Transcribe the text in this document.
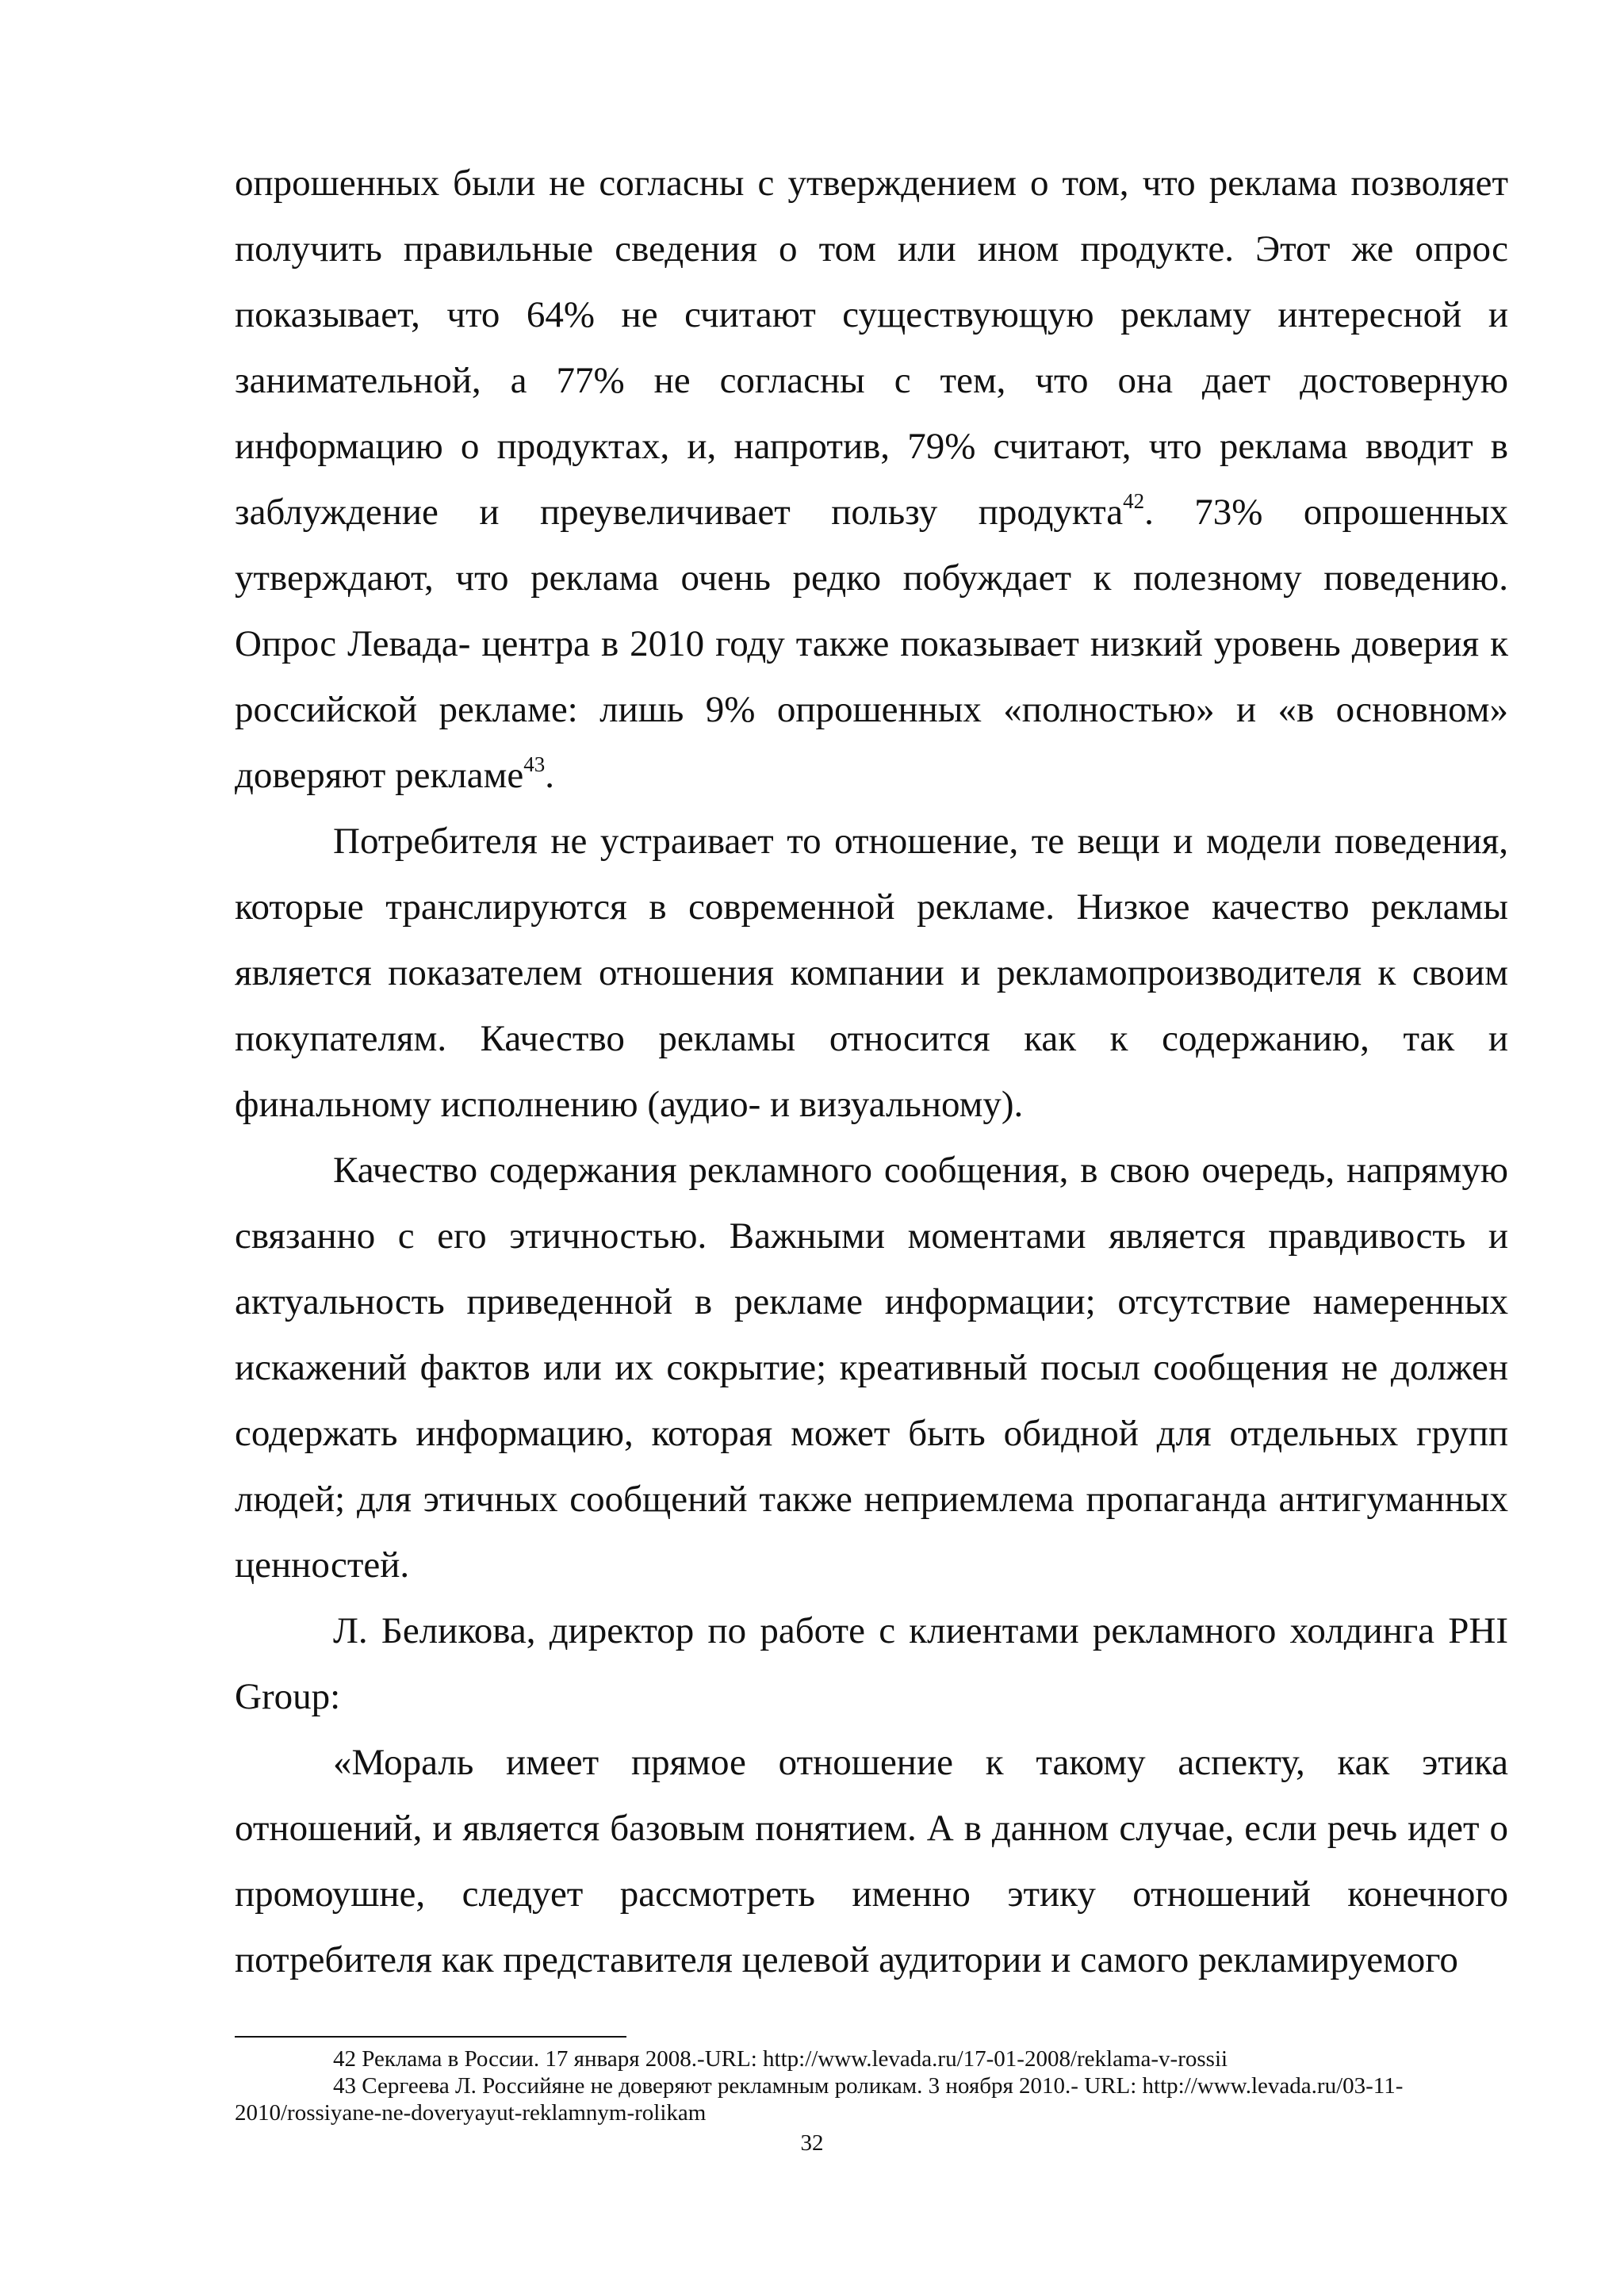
опрошенных были не согласны с утверждением о том, что реклама позволяет получить правильные сведения о том или ином продукте. Этот же опрос показывает, что 64% не считают существующую рекламу интересной и занимательной, а 77% не согласны с тем, что она дает достоверную информацию о продуктах, и, напротив, 79% считают, что реклама вводит в заблуждение и преувеличивает пользу продукта$^{42}$. 73% опрошенных утверждают, что реклама очень редко побуждает к полезному поведению. Опрос Левада- центра в 2010 году также показывает низкий уровень доверия к российской рекламе: лишь 9% опрошенных «полностью» и «в основном» доверяют рекламе$^{43}$.

Потребителя не устраивает то отношение, те вещи и модели поведения, которые транслируются в современной рекламе. Низкое качество рекламы является показателем отношения компании и рекламопроизводителя к своим покупателям. Качество рекламы относится как к содержанию, так и финальному исполнению (аудио- и визуальному).

Качество содержания рекламного сообщения, в свою очередь, напрямую связанно с его этичностью. Важными моментами является правдивость и актуальность приведенной в рекламе информации; отсутствие намеренных искажений фактов или их сокрытие; креативный посыл сообщения не должен содержать информацию, которая может быть обидной для отдельных групп людей; для этичных сообщений также неприемлема пропаганда антигуманных ценностей.

Л. Беликова, директор по работе с клиентами рекламного холдинга PHI Group:

«Мораль имеет прямое отношение к такому аспекту, как этика отношений, и является базовым понятием. А в данном случае, если речь идет о промоушне, следует рассмотреть именно этику отношений конечного потребителя как представителя целевой аудитории и самого рекламируемого

42 Реклама в России. 17 января 2008.-URL: http://www.levada.ru/17-01-2008/reklama-v-rossii

43 Сергеева Л. Российяне не доверяют рекламным роликам. 3 ноября 2010.- URL: http://www.levada.ru/03-11-2010/rossiyane-ne-doveryayut-reklamnym-rolikam

32
